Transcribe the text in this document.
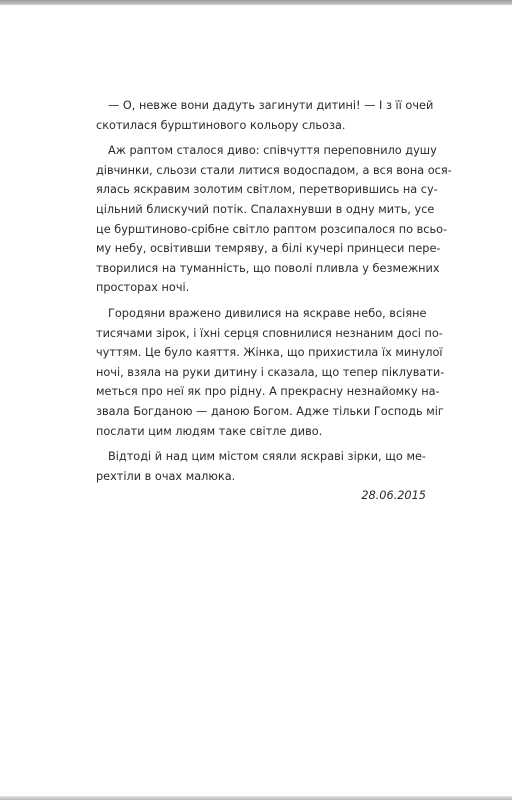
— О, невже вони дадуть загинути дитині! — І з її очей
скотилася бурштинового кольору сльоза.
Аж раптом сталося диво: співчуття переповнило душу
дівчинки, сльози стали литися водоспадом, а вся вона ося-
ялась яскравим золотим світлом, перетворившись на су-
цільний блискучий потік. Спалахнувши в одну мить, усе
це бурштиново-срібне світло раптом розсипалося по всьо-
му небу, освітивши темряву, а білі кучері принцеси пере-
творилися на туманність, що поволі пливла у безмежних
просторах ночі.
Городяни вражено дивилися на яскраве небо, всіяне
тисячами зірок, і їхні серця сповнилися незнаним досі по-
чуттям. Це було каяття. Жінка, що прихистила їх минулої
ночі, взяла на руки дитину і сказала, що тепер піклувати-
меться про неї як про рідну. А прекрасну незнайомку на-
звала Богданою — даною Богом. Адже тільки Господь міг
послати цим людям таке світле диво.
Відтоді й над цим містом сяяли яскраві зірки, що ме-
рехтіли в очах малюка.
28.06.2015
